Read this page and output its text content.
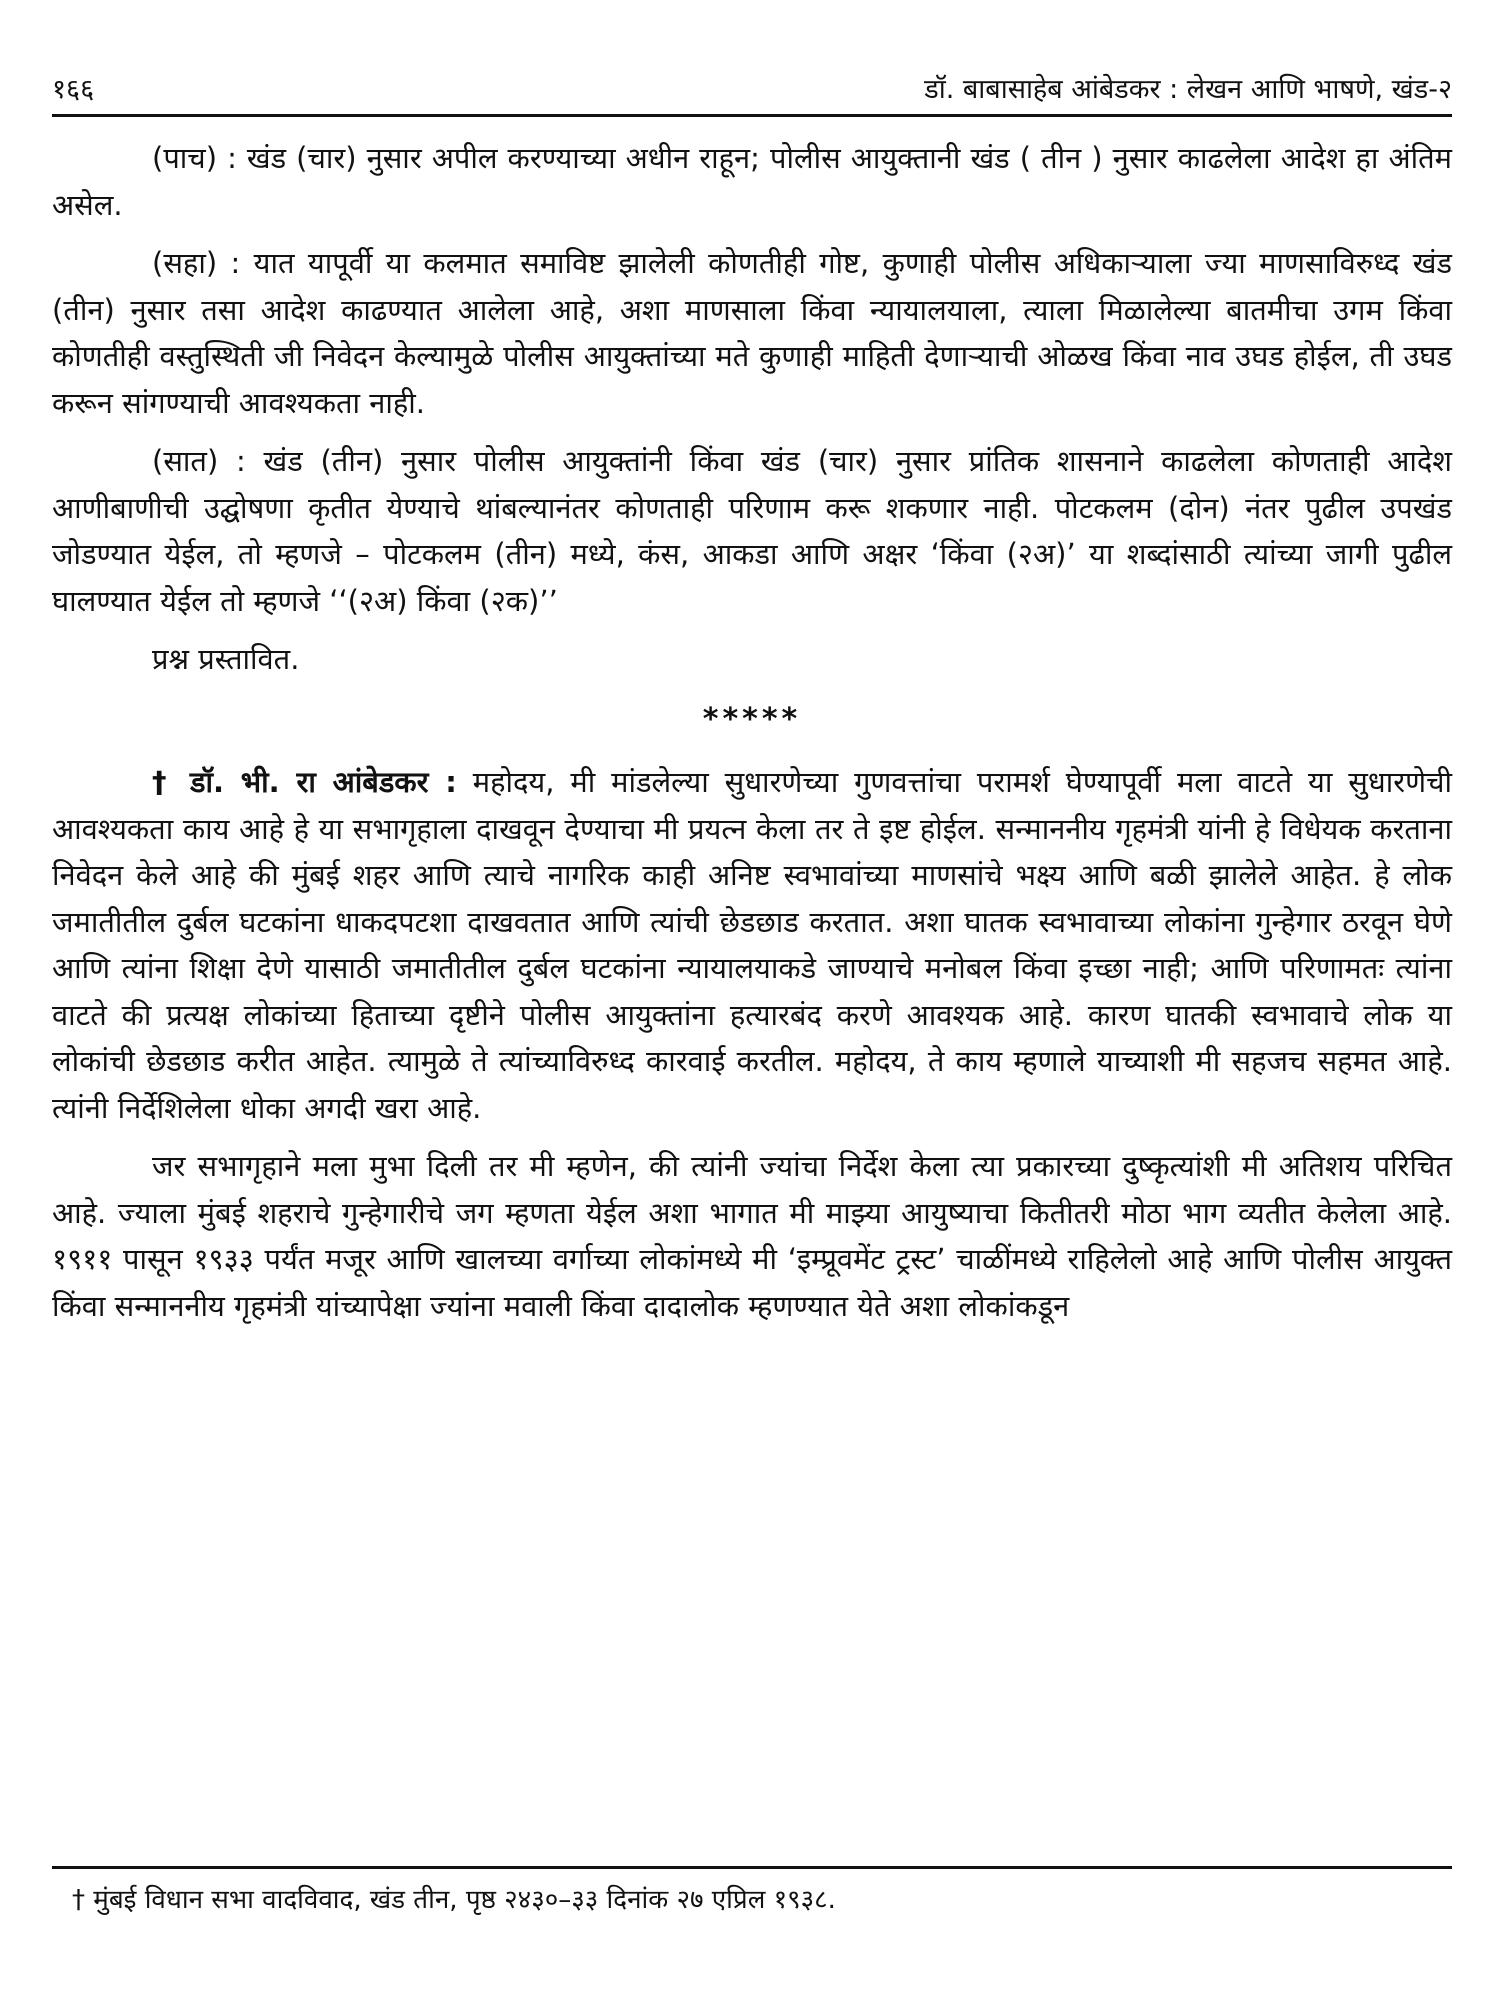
१६६	डॉ. बाबासाहेब आंबेडकर : लेखन आणि भाषणे, खंड-२

(पाच) : खंड (चार) नुसार अपील करण्याच्या अधीन राहून; पोलीस आयुक्तानी खंड ( तीन ) नुसार काढलेला आदेश हा अंतिम असेल.

(सहा) : यात यापूर्वी या कलमात समाविष्ट झालेली कोणतीही गोष्ट, कुणाही पोलीस अधिकाऱ्याला ज्या माणसाविरुध्द खंड (तीन) नुसार तसा आदेश काढण्यात आलेला आहे, अशा माणसाला किंवा न्यायालयाला, त्याला मिळालेल्या बातमीचा उगम किंवा कोणतीही वस्तुस्थिती जी निवेदन केल्यामुळे पोलीस आयुक्तांच्या मते कुणाही माहिती देणाऱ्याची ओळख किंवा नाव उघड होईल, ती उघड करून सांगण्याची आवश्यकता नाही.

(सात) : खंड (तीन) नुसार पोलीस आयुक्तांनी किंवा खंड (चार) नुसार प्रांतिक शासनाने काढलेला कोणताही आदेश आणीबाणीची उद्घोषणा कृतीत येण्याचे थांबल्यानंतर कोणताही परिणाम करू शकणार नाही. पोटकलम (दोन) नंतर पुढील उपखंड जोडण्यात येईल, तो म्हणजे – पोटकलम (तीन) मध्ये, कंस, आकडा आणि अक्षर ‘किंवा (२अ)’ या शब्दांसाठी त्यांच्या जागी पुढील घालण्यात येईल तो म्हणजे ‘‘(२अ) किंवा (२क)’’

प्रश्न प्रस्तावित.

*****

† डॉ. भी. रा आंबेडकर : महोदय, मी मांडलेल्या सुधारणेच्या गुणवत्तांचा परामर्श घेण्यापूर्वी मला वाटते या सुधारणेची आवश्यकता काय आहे हे या सभागृहाला दाखवून देण्याचा मी प्रयत्न केला तर ते इष्ट होईल. सन्माननीय गृहमंत्री यांनी हे विधेयक करताना निवेदन केले आहे की मुंबई शहर आणि त्याचे नागरिक काही अनिष्ट स्वभावांच्या माणसांचे भक्ष्य आणि बळी झालेले आहेत. हे लोक जमातीतील दुर्बल घटकांना धाकदपटशा दाखवतात आणि त्यांची छेडछाड करतात. अशा घातक स्वभावाच्या लोकांना गुन्हेगार ठरवून घेणे आणि त्यांना शिक्षा देणे यासाठी जमातीतील दुर्बल घटकांना न्यायालयाकडे जाण्याचे मनोबल किंवा इच्छा नाही; आणि परिणामतः त्यांना वाटते की प्रत्यक्ष लोकांच्या हिताच्या दृष्टीने पोलीस आयुक्तांना हत्यारबंद करणे आवश्यक आहे. कारण घातकी स्वभावाचे लोक या लोकांची छेडछाड करीत आहेत. त्यामुळे ते त्यांच्याविरुध्द कारवाई करतील. महोदय, ते काय म्हणाले याच्याशी मी सहजच सहमत आहे. त्यांनी निर्देशिलेला धोका अगदी खरा आहे.

जर सभागृहाने मला मुभा दिली तर मी म्हणेन, की त्यांनी ज्यांचा निर्देश केला त्या प्रकारच्या दुष्कृत्यांशी मी अतिशय परिचित आहे. ज्याला मुंबई शहराचे गुन्हेगारीचे जग म्हणता येईल अशा भागात मी माझ्या आयुष्याचा कितीतरी मोठा भाग व्यतीत केलेला आहे. १९११ पासून १९३३ पर्यंत मजूर आणि खालच्या वर्गाच्या लोकांमध्ये मी ‘इम्प्रूवमेंट ट्रस्ट’ चाळींमध्ये राहिलेलो आहे आणि पोलीस आयुक्त किंवा सन्माननीय गृहमंत्री यांच्यापेक्षा ज्यांना मवाली किंवा दादालोक म्हणण्यात येते अशा लोकांकडून

† मुंबई विधान सभा वादविवाद, खंड तीन, पृष्ठ २४३०–३३ दिनांक २७ एप्रिल १९३८.
